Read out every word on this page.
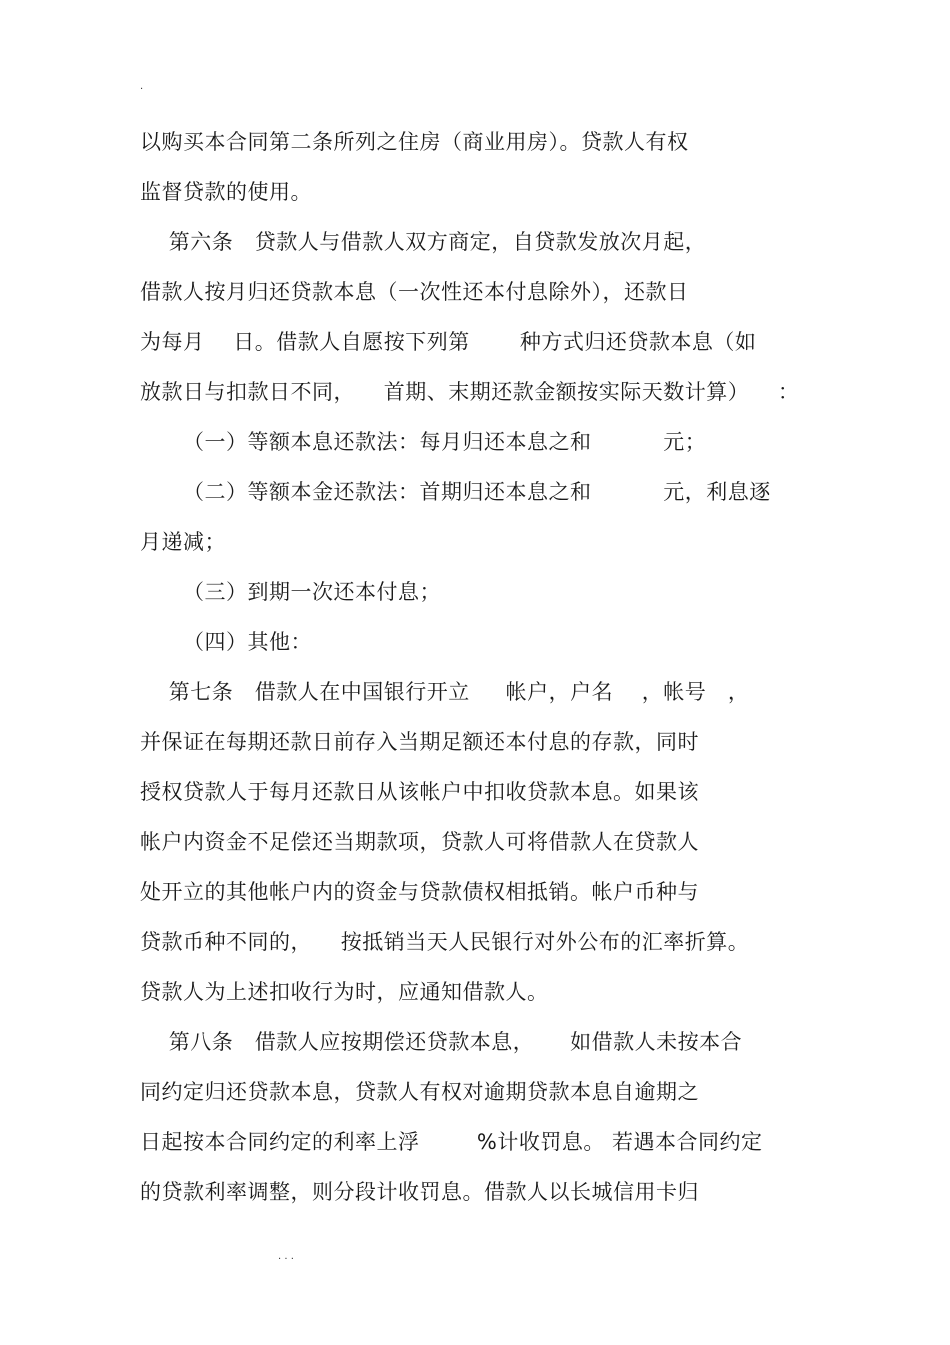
.
以购买本合同第二条所列之住房（商业用房）。贷款人有权
监督贷款的使用。
第六条   贷款人与借款人双方商定，自贷款发放次月起，
借款人按月归还贷款本息（一次性还本付息除外），还款日
为每月    日。借款人自愿按下列第       种方式归还贷款本息（如
放款日与扣款日不同，    首期、末期还款金额按实际天数计算）    ：
（一）等额本息还款法：每月归还本息之和          元；
（二）等额本金还款法：首期归还本息之和          元，利息逐
月递减；
（三）到期一次还本付息；
（四）其他：
第七条   借款人在中国银行开立     帐户，户名    ，帐号   ，
并保证在每期还款日前存入当期足额还本付息的存款，同时
授权贷款人于每月还款日从该帐户中扣收贷款本息。如果该
帐户内资金不足偿还当期款项，贷款人可将借款人在贷款人
处开立的其他帐户内的资金与贷款债权相抵销。帐户币种与
贷款币种不同的，    按抵销当天人民银行对外公布的汇率折算。
贷款人为上述扣收行为时，应通知借款人。
第八条   借款人应按期偿还贷款本息，     如借款人未按本合
同约定归还贷款本息，贷款人有权对逾期贷款本息自逾期之
日起按本合同约定的利率上浮        %计收罚息。 若遇本合同约定
的贷款利率调整，则分段计收罚息。借款人以长城信用卡归
. . .
